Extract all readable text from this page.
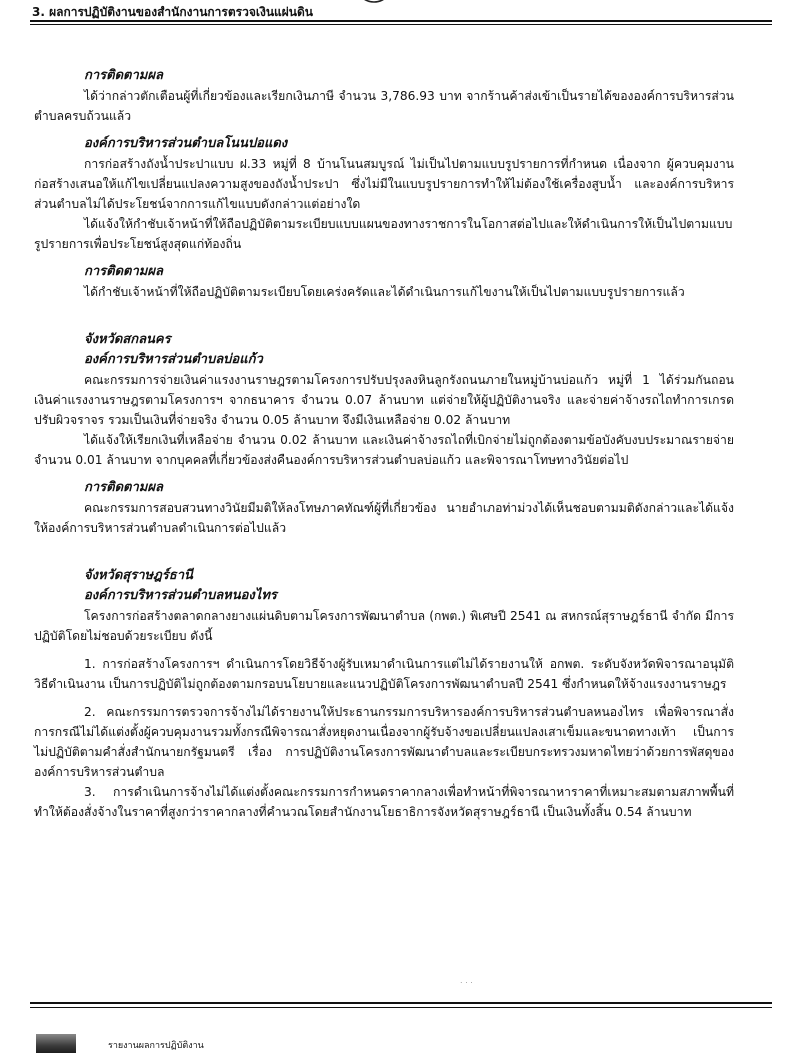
3. ผลการปฏิบัติงานของสำนักงานการตรวจเงินแผ่นดิน

การติดตามผล

ได้ว่ากล่าวตักเตือนผู้ที่เกี่ยวข้องและเรียกเงินภาษี จำนวน 3,786.93 บาท จากร้านค้าส่งเข้าเป็นรายได้ขององค์การบริหารส่วนตำบลครบถ้วนแล้ว

องค์การบริหารส่วนตำบลโนนปอแดง

การก่อสร้างถังน้ำประปาแบบ ฝ.33 หมู่ที่ 8 บ้านโนนสมบูรณ์ ไม่เป็นไปตามแบบรูปรายการที่กำหนด เนื่องจาก ผู้ควบคุมงานก่อสร้างเสนอให้แก้ไขเปลี่ยนแปลงความสูงของถังน้ำประปา ซึ่งไม่มีในแบบรูปรายการทำให้ไม่ต้องใช้เครื่องสูบน้ำ และองค์การบริหารส่วนตำบลไม่ได้ประโยชน์จากการแก้ไขแบบดังกล่าวแต่อย่างใด

ได้แจ้งให้กำชับเจ้าหน้าที่ให้ถือปฏิบัติตามระเบียบแบบแผนของทางราชการในโอกาสต่อไปและให้ดำเนินการให้เป็นไปตามแบบรูปรายการเพื่อประโยชน์สูงสุดแก่ท้องถิ่น

การติดตามผล

ได้กำชับเจ้าหน้าที่ให้ถือปฏิบัติตามระเบียบโดยเคร่งครัดและได้ดำเนินการแก้ไขงานให้เป็นไปตามแบบรูปรายการแล้ว

จังหวัดสกลนคร

องค์การบริหารส่วนตำบลบ่อแก้ว

คณะกรรมการจ่ายเงินค่าแรงงานราษฎรตามโครงการปรับปรุงลงหินลูกรังถนนภายในหมู่บ้านบ่อแก้ว หมู่ที่ 1 ได้ร่วมกันถอนเงินค่าแรงงานราษฎรตามโครงการฯ จากธนาคาร จำนวน 0.07 ล้านบาท แต่จ่ายให้ผู้ปฏิบัติงานจริง และจ่ายค่าจ้างรถไถทำการเกรดปรับผิวจราจร รวมเป็นเงินที่จ่ายจริง จำนวน 0.05 ล้านบาท จึงมีเงินเหลือจ่าย 0.02 ล้านบาท

ได้แจ้งให้เรียกเงินที่เหลือจ่าย จำนวน 0.02 ล้านบาท และเงินค่าจ้างรถไถที่เบิกจ่ายไม่ถูกต้องตามข้อบังคับงบประมาณรายจ่าย จำนวน 0.01 ล้านบาท จากบุคคลที่เกี่ยวข้องส่งคืนองค์การบริหารส่วนตำบลบ่อแก้ว และพิจารณาโทษทางวินัยต่อไป

การติดตามผล

คณะกรรมการสอบสวนทางวินัยมีมติให้ลงโทษภาคทัณฑ์ผู้ที่เกี่ยวข้อง นายอำเภอท่าม่วงได้เห็นชอบตามมติดังกล่าวและได้แจ้งให้องค์การบริหารส่วนตำบลดำเนินการต่อไปแล้ว

จังหวัดสุราษฎร์ธานี

องค์การบริหารส่วนตำบลหนองไทร

โครงการก่อสร้างตลาดกลางยางแผ่นดิบตามโครงการพัฒนาตำบล (กพต.) พิเศษปี 2541 ณ สหกรณ์สุราษฎร์ธานี จำกัด มีการปฏิบัติโดยไม่ชอบด้วยระเบียบ ดังนี้

1. การก่อสร้างโครงการฯ ดำเนินการโดยวิธีจ้างผู้รับเหมาดำเนินการแต่ไม่ได้รายงานให้ อกพต. ระดับจังหวัดพิจารณาอนุมัติวิธีดำเนินงาน เป็นการปฏิบัติไม่ถูกต้องตามกรอบนโยบายและแนวปฏิบัติโครงการพัฒนาตำบลปี 2541 ซึ่งกำหนดให้จ้างแรงงานราษฎร

2. คณะกรรมการตรวจการจ้างไม่ได้รายงานให้ประธานกรรมการบริหารองค์การบริหารส่วนตำบลหนองไทร เพื่อพิจารณาสั่งการกรณีไม่ได้แต่งตั้งผู้ควบคุมงานรวมทั้งกรณีพิจารณาสั่งหยุดงานเนื่องจากผู้รับจ้างขอเปลี่ยนแปลงเสาเข็มและขนาดทางเท้า เป็นการไม่ปฏิบัติตามคำสั่งสำนักนายกรัฐมนตรี เรื่อง การปฏิบัติงานโครงการพัฒนาตำบลและระเบียบกระทรวงมหาดไทยว่าด้วยการพัสดุขององค์การบริหารส่วนตำบล

3. การดำเนินการจ้างไม่ได้แต่งตั้งคณะกรรมการกำหนดราคากลางเพื่อทำหน้าที่พิจารณาหาราคาที่เหมาะสมตามสภาพพื้นที่ ทำให้ต้องสั่งจ้างในราคาที่สูงกว่าราคากลางที่คำนวณโดยสำนักงานโยธาธิการจังหวัดสุราษฎร์ธานี เป็นเงินทั้งสิ้น 0.54 ล้านบาท

. . .
รายงานผลการปฏิบัติงาน
